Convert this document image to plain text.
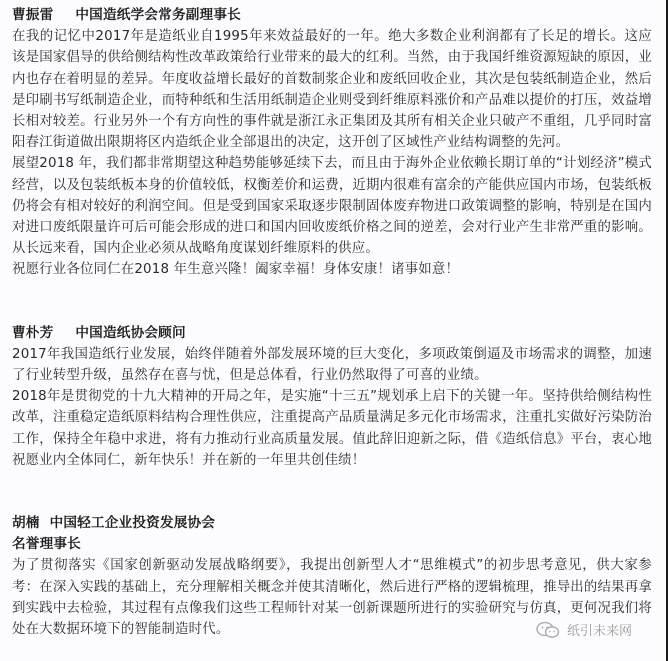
曹振雷 中国造纸学会常务副理事长

在我的记忆中2017年是造纸业自1995年来效益最好的一年。绝大多数企业利润都有了长足的增长。这应该是国家倡导的供给侧结构性改革政策给行业带来的最大的红利。当然，由于我国纤维资源短缺的原因，业内也存在着明显的差异。年度收益增长最好的首数制浆企业和废纸回收企业，其次是包装纸制造企业，然后是印刷书写纸制造企业，而特种纸和生活用纸制造企业则受到纤维原料涨价和产品难以提价的打压，效益增长相对较差。行业另外一个有方向性的事件就是浙江永正集团及其所有相关企业只破产不重组，几乎同时富阳春江街道做出限期将区内造纸企业全部退出的决定，这开创了区域性产业结构调整的先河。

展望2018 年，我们都非常期望这种趋势能够延续下去，而且由于海外企业依赖长期订单的“计划经济”模式经营，以及包装纸板本身的价值较低，权衡差价和运费，近期内很难有富余的产能供应国内市场，包装纸板仍将会有相对较好的利润空间。但是受到国家采取逐步限制固体废弃物进口政策调整的影响，特别是在国内对进口废纸限量许可后可能会形成的进口和国内回收废纸价格之间的逆差，会对行业产生非常严重的影响。从长远来看，国内企业必须从战略角度谋划纤维原料的供应。

祝愿行业各位同仁在2018 年生意兴隆！阖家幸福！身体安康！诸事如意！

曹朴芳 中国造纸协会顾问

2017年我国造纸行业发展，始终伴随着外部发展环境的巨大变化，多项政策倒逼及市场需求的调整，加速了行业转型升级，虽然存在喜与忧，但是总体看，行业仍然取得了可喜的业绩。

2018年是贯彻党的十九大精神的开局之年，是实施“十三五”规划承上启下的关键一年。坚持供给侧结构性改革，注重稳定造纸原料结构合理性供应，注重提高产品质量满足多元化市场需求，注重扎实做好污染防治工作，保持全年稳中求进，将有力推动行业高质量发展。值此辞旧迎新之际，借《造纸信息》平台，衷心地祝愿业内全体同仁，新年快乐！并在新的一年里共创佳绩！

胡楠 中国轻工企业投资发展协会
名誉理事长

为了贯彻落实《国家创新驱动发展战略纲要》，我提出创新型人才“思维模式”的初步思考意见，供大家参考：在深入实践的基础上，充分理解相关概念并使其清晰化，然后进行严格的逻辑梳理，推导出的结果再拿到实践中去检验，其过程有点像我们这些工程师针对某一创新课题所进行的实验研究与仿真，更何况我们将处在大数据环境下的智能制造时代。	纸引未来网
